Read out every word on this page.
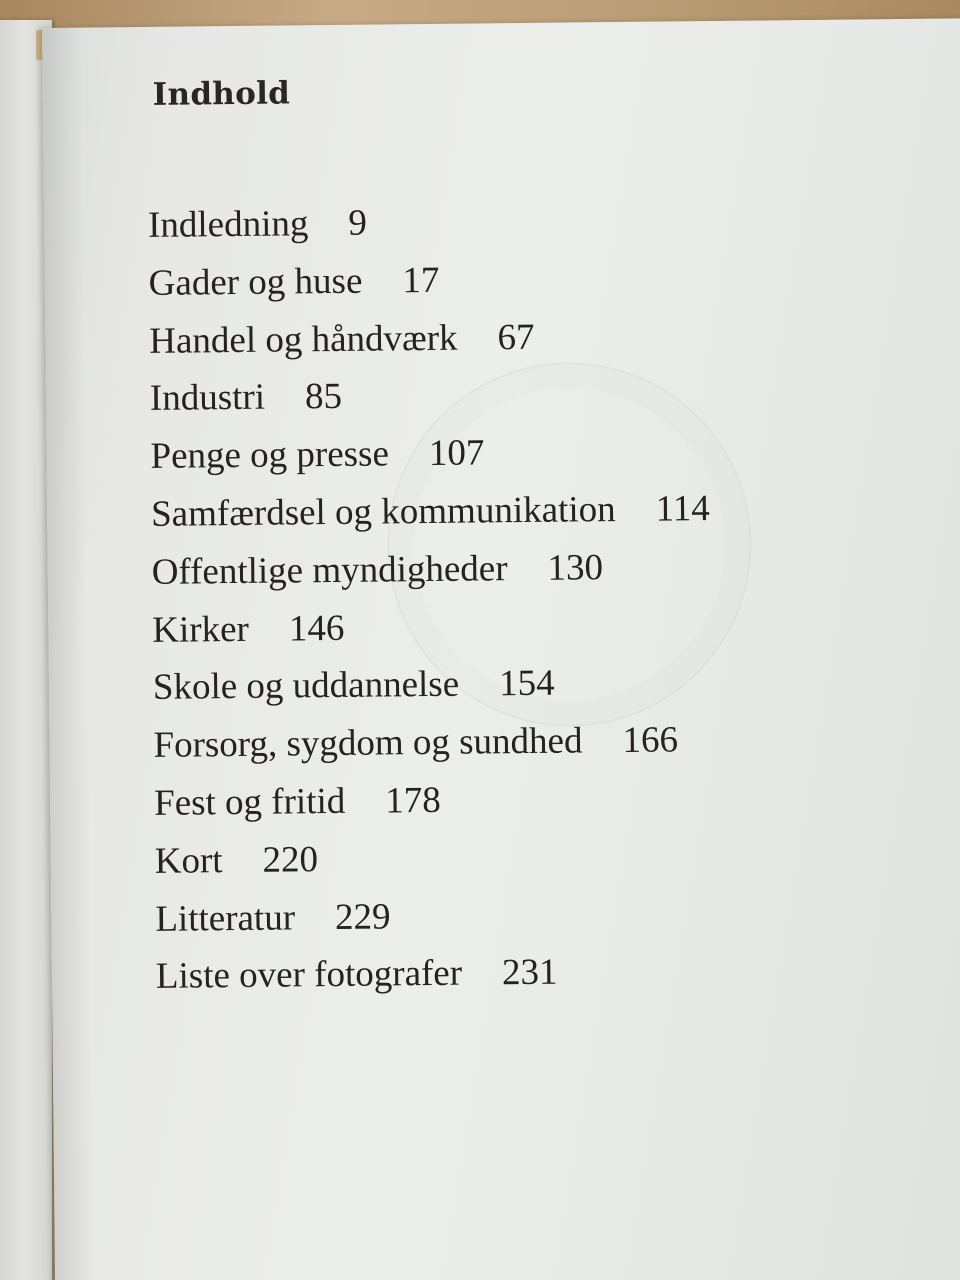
Indhold
Indledning 9
Gader og huse 17
Handel og håndværk 67
Industri 85
Penge og presse 107
Samfærdsel og kommunikation 114
Offentlige myndigheder 130
Kirker 146
Skole og uddannelse 154
Forsorg, sygdom og sundhed 166
Fest og fritid 178
Kort 220
Litteratur 229
Liste over fotografer 231
